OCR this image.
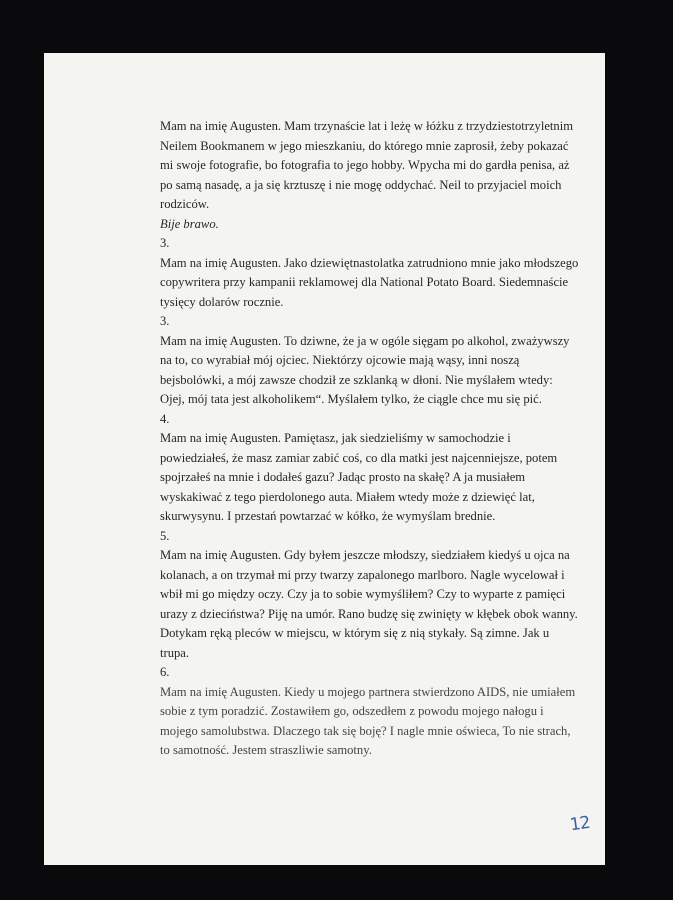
Mam na imię Augusten. Mam trzynaście lat i leżę w łóżku z trzydziestotrzyletnim Neilem Bookmanem w jego mieszkaniu, do którego mnie zaprosił, żeby pokazać mi swoje fotografie, bo fotografia to jego hobby. Wpycha mi do gardła penisa, aż po samą nasadę, a ja się krztuszę i nie mogę oddychać. Neil to przyjaciel moich rodziców.

Bije brawo.

3.

Mam na imię Augusten. Jako dziewiętnastolatka zatrudniono mnie jako młodszego copywritera przy kampanii reklamowej dla National Potato Board. Siedemnaście tysięcy dolarów rocznie.

3.

Mam na imię Augusten. To dziwne, że ja w ogóle sięgam po alkohol, zważywszy na to, co wyrabiał mój ojciec. Niektórzy ojcowie mają wąsy, inni noszą bejsbolówki, a mój zawsze chodził ze szklanką w dłoni. Nie myślałem wtedy: Ojej, mój tata jest alkoholikem“. Myślałem tylko, że ciągle chce mu się pić.

4.

Mam na imię Augusten. Pamiętasz, jak siedzieliśmy w samochodzie i powiedziałeś, że masz zamiar zabić coś, co dla matki jest najcenniejsze, potem spojrzałeś na mnie i dodałeś gazu? Jadąc prosto na skałę? A ja musiałem wyskakiwać z tego pierdolonego auta. Miałem wtedy może z dziewięć lat, skurwysynu. I przestań powtarzać w kółko, że wymyślam brednie.

5.

Mam na imię Augusten. Gdy byłem jeszcze młodszy, siedziałem kiedyś u ojca na kolanach, a on trzymał mi przy twarzy zapalonego marlboro. Nagle wycelował i wbił mi go między oczy. Czy ja to sobie wymyśliłem? Czy to wyparte z pamięci urazy z dzieciństwa? Piję na umór. Rano budzę się zwinięty w kłębek obok wanny. Dotykam ręką pleców w miejscu, w którym się z nią stykały. Są zimne. Jak u trupa.

6.

Mam na imię Augusten. Kiedy u mojego partnera stwierdzono AIDS, nie umiałem sobie z tym poradzić. Zostawiłem go, odszedłem z powodu mojego nałogu i mojego samolubstwa. Dlaczego tak się boję? I nagle mnie oświeca, To nie strach, to samotność. Jestem straszliwie samotny.

12
